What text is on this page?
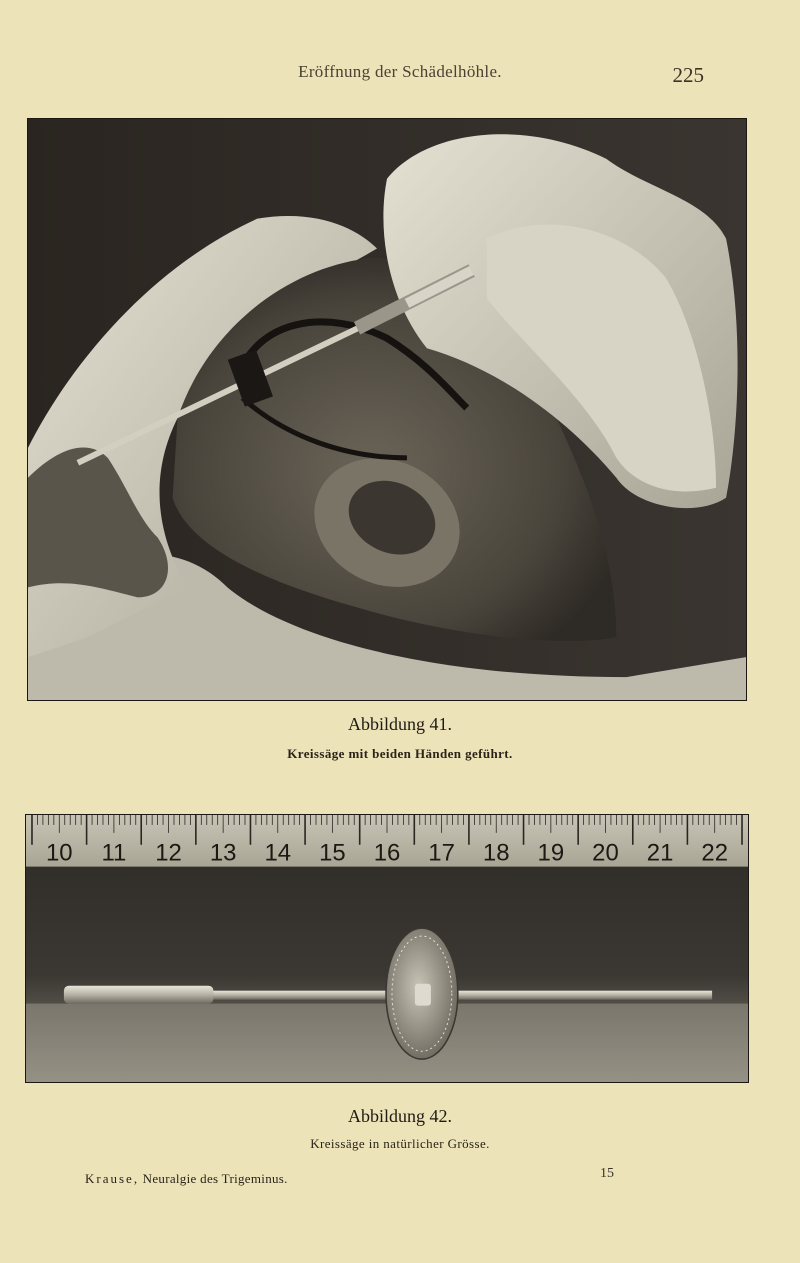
Eröffnung der Schädelhöhle.	225
Abbildung 41.
Kreissäge mit beiden Händen geführt.
10 11 12 13 14 15 16 17 18 19 20 21 22
Abbildung 42.
Kreissäge in natürlicher Grösse.
Krause, Neuralgie des Trigeminus.	15
